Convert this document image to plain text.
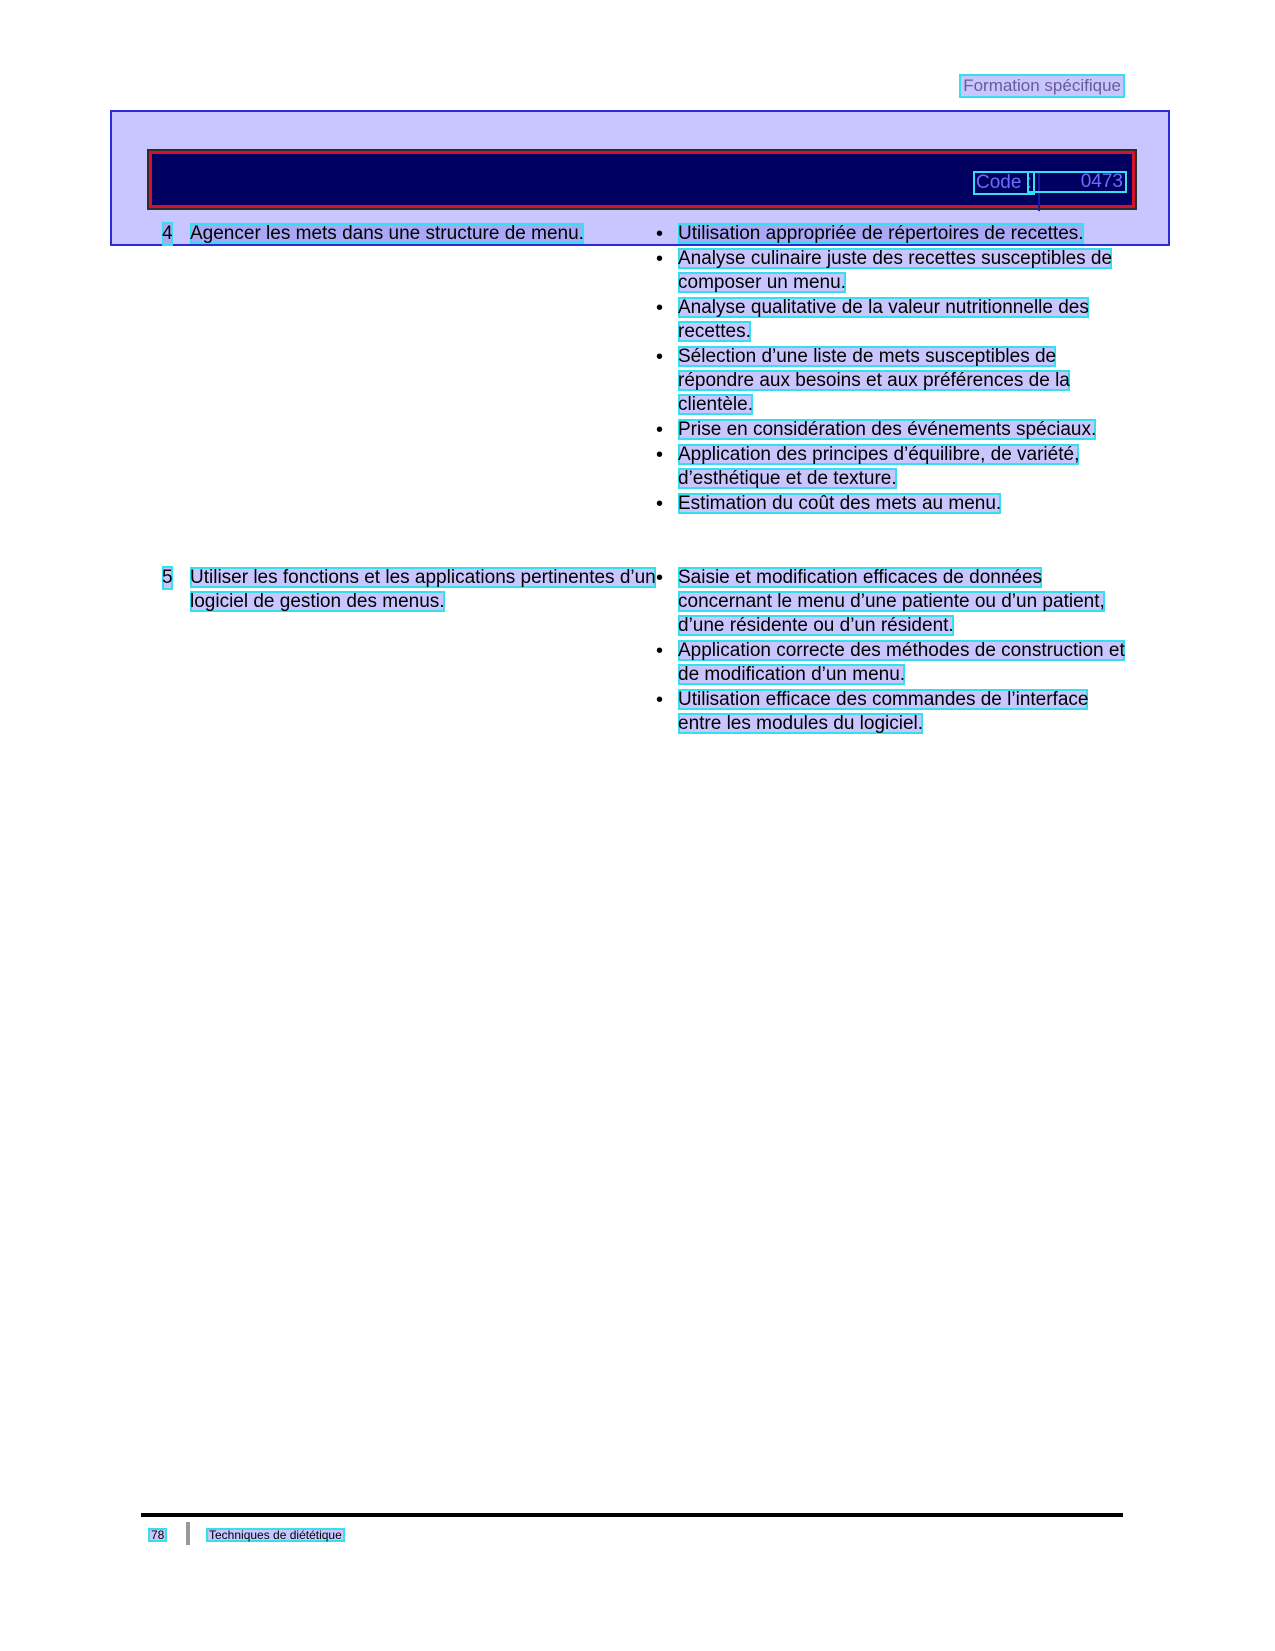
Formation spécifique
Code :	0473
4 Agencer les mets dans une structure de menu.
•	Utilisation appropriée de répertoires de recettes.
• Analyse culinaire juste des recettes susceptibles de composer un menu.
• Analyse qualitative de la valeur nutritionnelle des recettes.
• Sélection d’une liste de mets susceptibles de répondre aux besoins et aux préférences de la clientèle.
• Prise en considération des événements spéciaux.
• Application des principes d’équilibre, de variété, d’esthétique et de texture.
• Estimation du coût des mets au menu.
5 Utiliser les fonctions et les applications pertinentes d’un logiciel de gestion des menus.
• Saisie et modification efficaces de données concernant le menu d’une patiente ou d’un patient, d’une résidente ou d’un résident.
• Application correcte des méthodes de construction et de modification d’un menu.
• Utilisation efficace des commandes de l’interface entre les modules du logiciel.
78	Techniques de diététique
